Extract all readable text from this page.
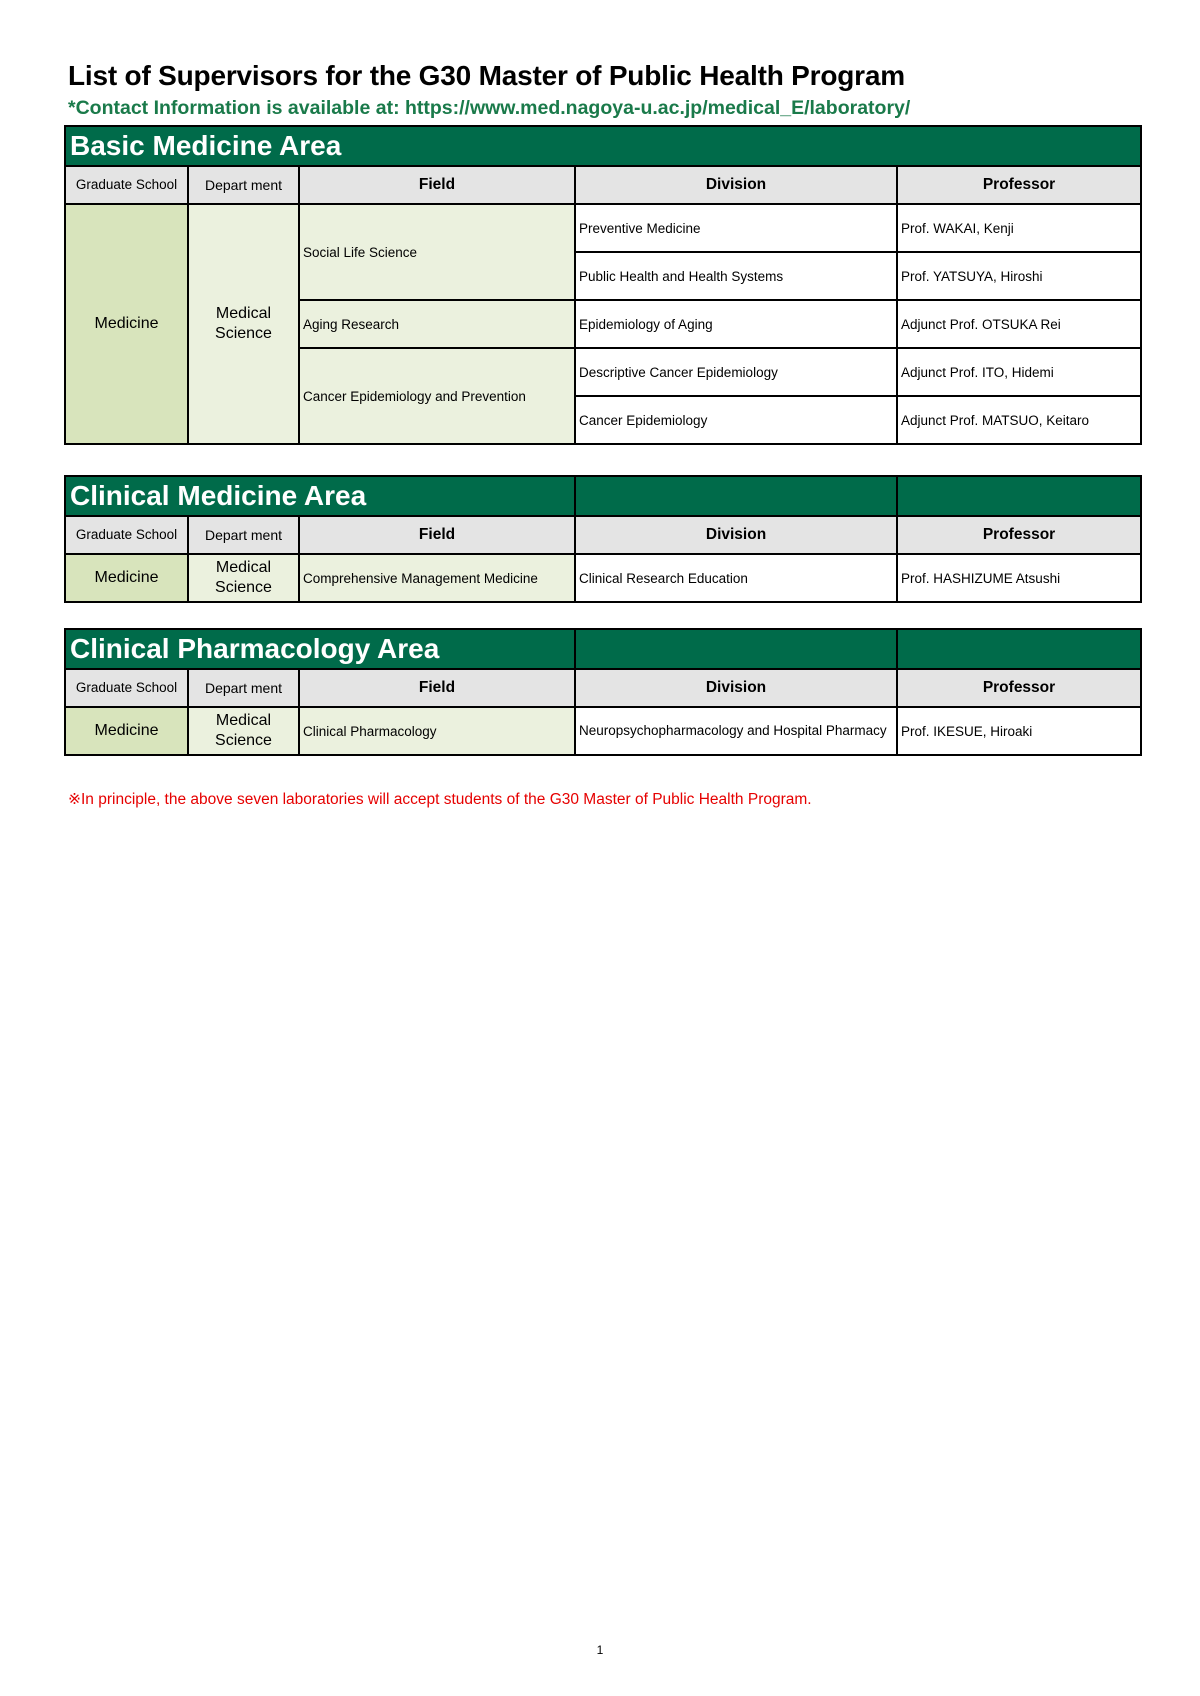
List of Supervisors for the G30 Master of Public Health Program
*Contact Information is available at: https://www.med.nagoya-u.ac.jp/medical_E/laboratory/
Basic Medicine Area				
Graduate School	Depart ment	Field	Division	Professor
Medicine	Medical Science	Social Life Science	Preventive Medicine	Prof. WAKAI, Kenji
			Public Health and Health Systems	Prof. YATSUYA, Hiroshi
		Aging Research	Epidemiology of Aging	Adjunct Prof. OTSUKA Rei
		Cancer Epidemiology and Prevention	Descriptive Cancer Epidemiology	Adjunct Prof. ITO, Hidemi
			Cancer Epidemiology	Adjunct Prof. MATSUO, Keitaro
Clinical Medicine Area				
Graduate School	Depart ment	Field	Division	Professor
Medicine	Medical Science	Comprehensive Management Medicine	Clinical Research Education	Prof. HASHIZUME Atsushi
Clinical Pharmacology Area				
Graduate School	Depart ment	Field	Division	Professor
Medicine	Medical Science	Clinical Pharmacology	Neuropsychopharmacology and Hospital Pharmacy	Prof. IKESUE, Hiroaki
※In principle, the above seven laboratories will accept students of the G30 Master of Public Health Program.
1
